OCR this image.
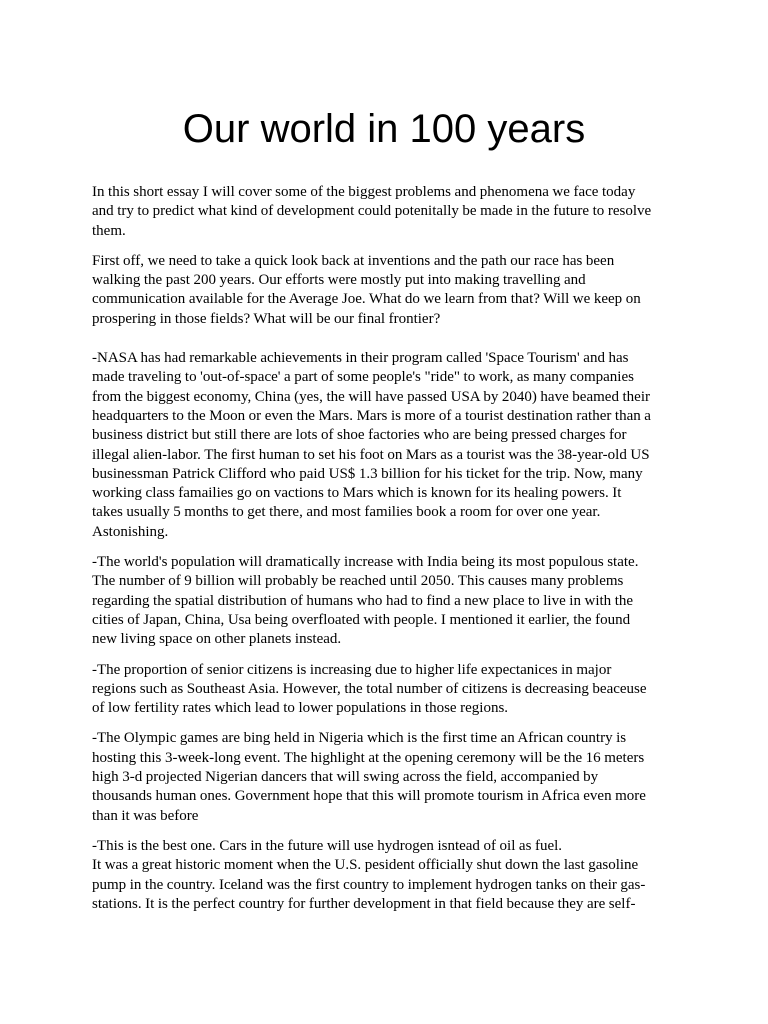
Our world in 100 years

In this short essay I will cover some of the biggest problems and phenomena we face today
and try to predict what kind of development could potenitally be made in the future to resolve
them.

First off, we need to take a quick look back at inventions and the path our race has been
walking the past 200 years. Our efforts were mostly put into making travelling and
communication available for the Average Joe. What do we learn from that? Will we keep on
prospering in those fields? What will be our final frontier?

-NASA has had remarkable achievements in their program called 'Space Tourism' and has
made traveling to 'out-of-space' a part of some people's "ride" to work, as many companies
from the biggest economy, China (yes, the will have passed USA by 2040) have beamed their
headquarters to the Moon or even the Mars. Mars is more of a tourist destination rather than a
business district but still there are lots of shoe factories who are being pressed charges for
illegal alien-labor. The first human to set his foot on Mars as a tourist was the 38-year-old US
businessman Patrick Clifford who paid US$ 1.3 billion for his ticket for the trip. Now, many
working class famailies go on vactions to Mars which is known for its healing powers. It
takes usually 5 months to get there, and most families book a room for over one year.
Astonishing.

-The world's population will dramatically increase with India being its most populous state.
The number of 9 billion will probably be reached until 2050. This causes many problems
regarding the spatial distribution of humans who had to find a new place to live in with the
cities of Japan, China, Usa being overfloated with people. I mentioned it earlier, the found
new living space on other planets instead.

-The proportion of senior citizens is increasing due to higher life expectanices in major
regions such as Southeast Asia. However, the total number of citizens is decreasing beaceuse
of low fertility rates which lead to lower populations in those regions.

-The Olympic games are bing held in Nigeria which is the first time an African country is
hosting this 3-week-long event. The highlight at the opening ceremony will be the 16 meters
high 3-d projected Nigerian dancers that will swing across the field, accompanied by
thousands human ones. Government hope that this will promote tourism in Africa even more
than it was before

-This is the best one. Cars in the future will use hydrogen isntead of oil as fuel.
It was a great historic moment when the U.S. pesident officially shut down the last gasoline
pump in the country. Iceland was the first country to implement hydrogen tanks on their gas-
stations. It is the perfect country for further development in that field because they are self-
